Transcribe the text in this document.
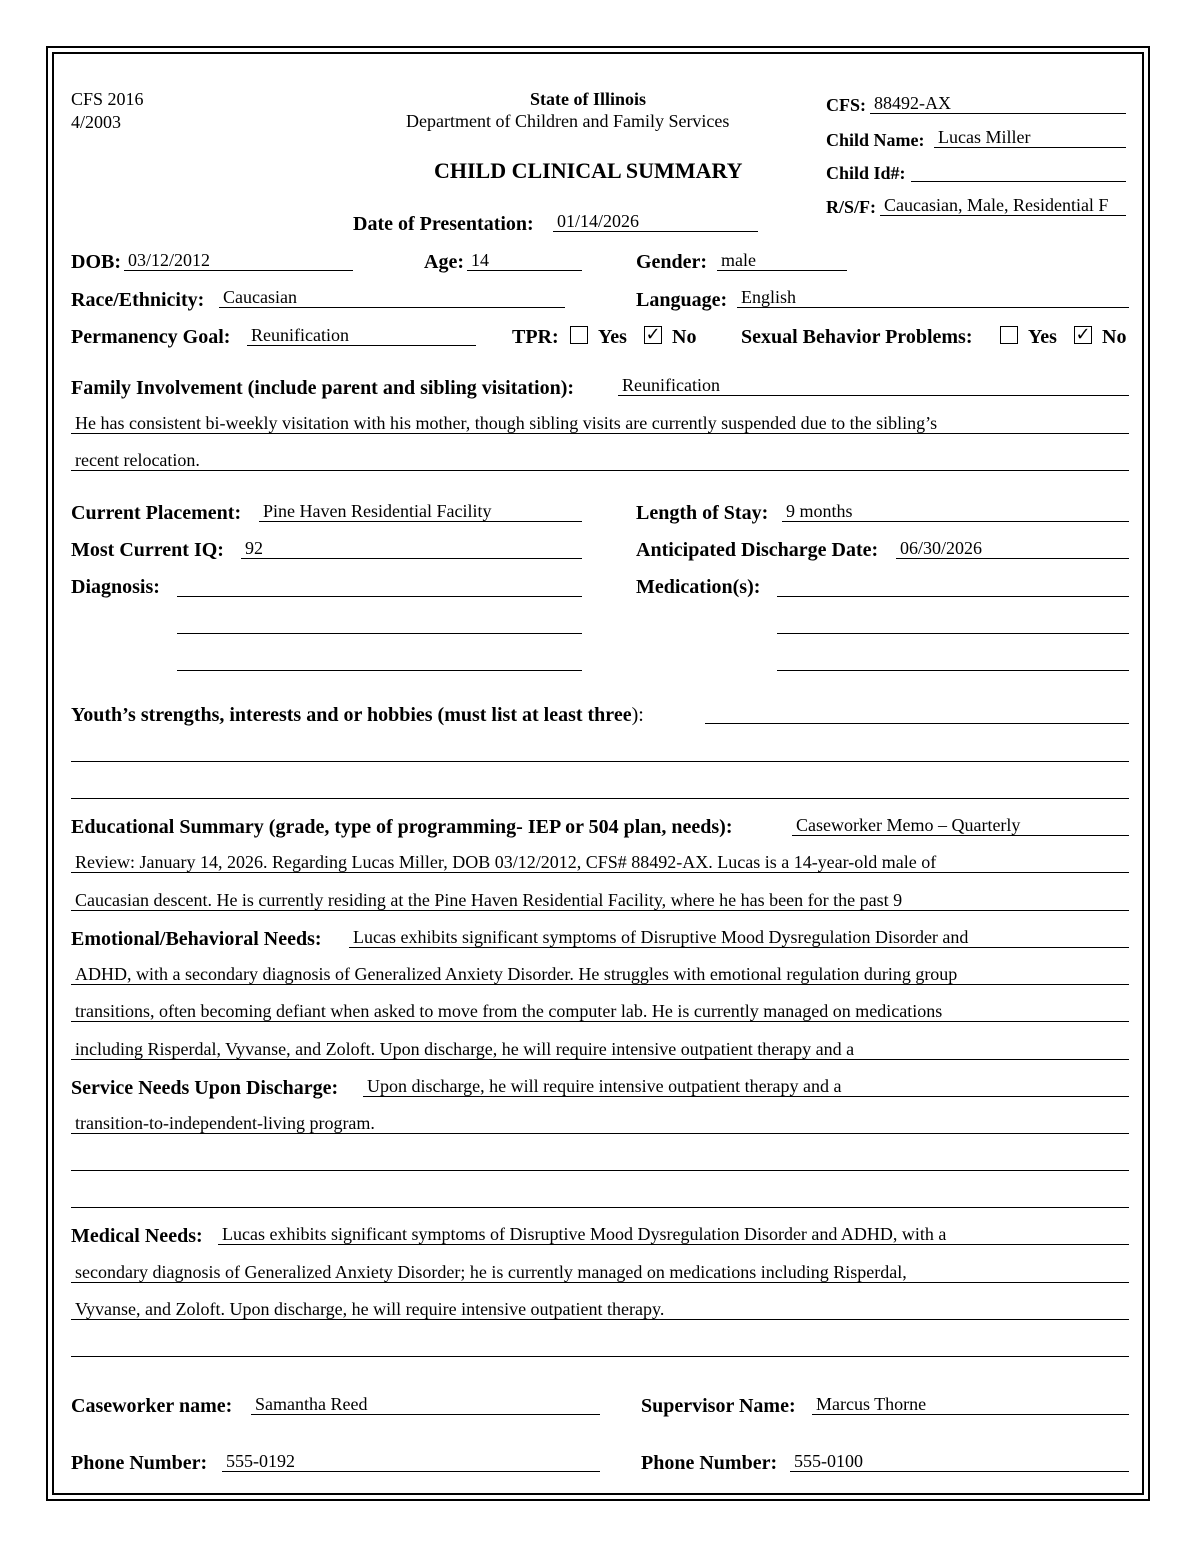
CFS 2016
4/2003
State of Illinois
Department of Children and Family Services
CHILD CLINICAL SUMMARY
CFS: 88492-AX
Child Name: Lucas Miller
Child Id#:
R/S/F: Caucasian, Male, Residential F
Date of Presentation: 01/14/2026
DOB: 03/12/2012	Age: 14	Gender: male
Race/Ethnicity: Caucasian	Language: English
Permanency Goal: Reunification	TPR: Yes ✓ No Sexual Behavior Problems:	Yes ✓ No
Family Involvement (include parent and sibling visitation):	Reunification
He has consistent bi-weekly visitation with his mother, though sibling visits are currently suspended due to the sibling’s
recent relocation.
Current Placement: Pine Haven Residential Facility	Length of Stay: 9 months
Most Current IQ: 92	Anticipated Discharge Date: 06/30/2026
Diagnosis:	Medication(s):
Youth’s strengths, interests and or hobbies (must list at least three):
Educational Summary (grade, type of programming- IEP or 504 plan, needs):	Caseworker Memo – Quarterly
Review: January 14, 2026. Regarding Lucas Miller, DOB 03/12/2012, CFS# 88492-AX. Lucas is a 14-year-old male of
Caucasian descent. He is currently residing at the Pine Haven Residential Facility, where he has been for the past 9
Emotional/Behavioral Needs: Lucas exhibits significant symptoms of Disruptive Mood Dysregulation Disorder and
ADHD, with a secondary diagnosis of Generalized Anxiety Disorder. He struggles with emotional regulation during group
transitions, often becoming defiant when asked to move from the computer lab. He is currently managed on medications
including Risperdal, Vyvanse, and Zoloft. Upon discharge, he will require intensive outpatient therapy and a
Service Needs Upon Discharge: Upon discharge, he will require intensive outpatient therapy and a
transition-to-independent-living program.
Medical Needs: Lucas exhibits significant symptoms of Disruptive Mood Dysregulation Disorder and ADHD, with a
secondary diagnosis of Generalized Anxiety Disorder; he is currently managed on medications including Risperdal,
Vyvanse, and Zoloft. Upon discharge, he will require intensive outpatient therapy.
Caseworker name: Samantha Reed	Supervisor Name: Marcus Thorne
Phone Number: 555-0192	Phone Number: 555-0100
